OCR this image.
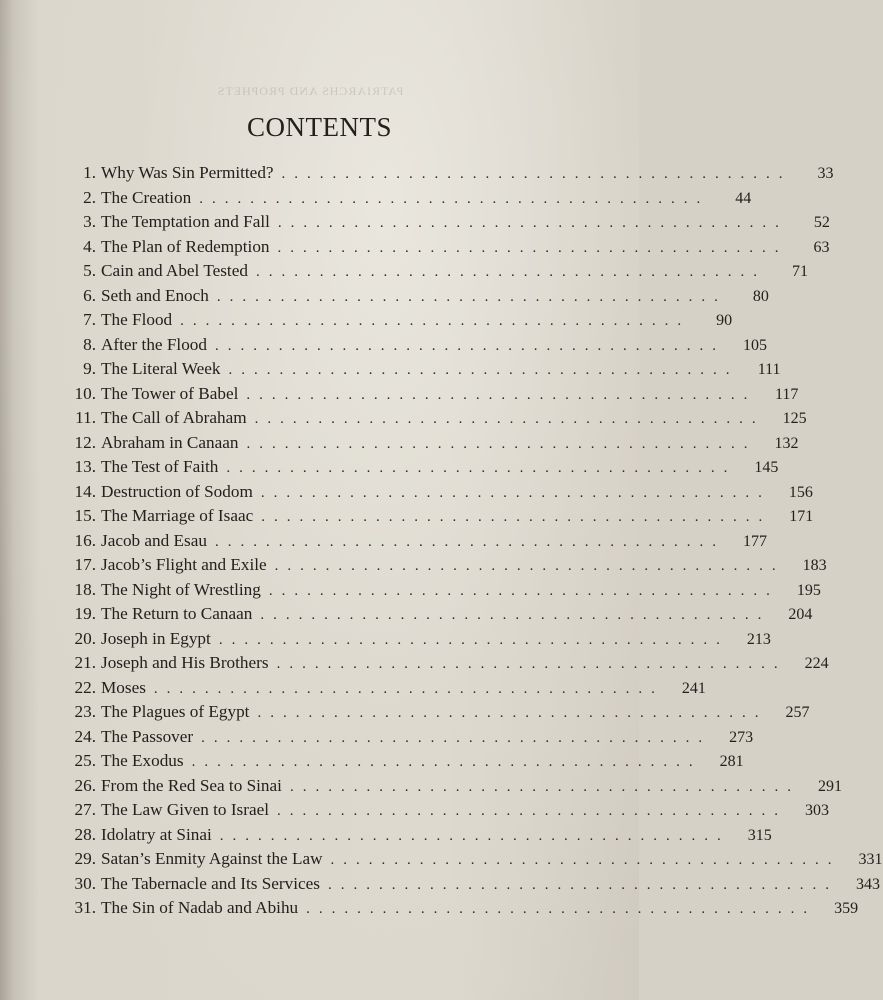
PATRIARCHS AND PROPHETS
CONTENTS
1. Why Was Sin Permitted? ........................................	33
2. The Creation ........................................	44
3. The Temptation and Fall ........................................	52
4. The Plan of Redemption ........................................	63
5. Cain and Abel Tested ........................................	71
6. Seth and Enoch ........................................	80
7. The Flood ........................................	90
8. After the Flood ........................................	105
9. The Literal Week ........................................	111
10. The Tower of Babel ........................................	117
11. The Call of Abraham ........................................	125
12. Abraham in Canaan ........................................	132
13. The Test of Faith ........................................	145
14. Destruction of Sodom ........................................	156
15. The Marriage of Isaac ........................................	171
16. Jacob and Esau ........................................	177
17. Jacob’s Flight and Exile ........................................	183
18. The Night of Wrestling ........................................	195
19. The Return to Canaan ........................................	204
20. Joseph in Egypt ........................................	213
21. Joseph and His Brothers ........................................	224
22. Moses ........................................	241
23. The Plagues of Egypt ........................................	257
24. The Passover ........................................	273
25. The Exodus ........................................	281
26. From the Red Sea to Sinai ........................................	291
27. The Law Given to Israel ........................................	303
28. Idolatry at Sinai ........................................	315
29. Satan’s Enmity Against the Law ........................................	331
30. The Tabernacle and Its Services ........................................	343
31. The Sin of Nadab and Abihu ........................................	359
